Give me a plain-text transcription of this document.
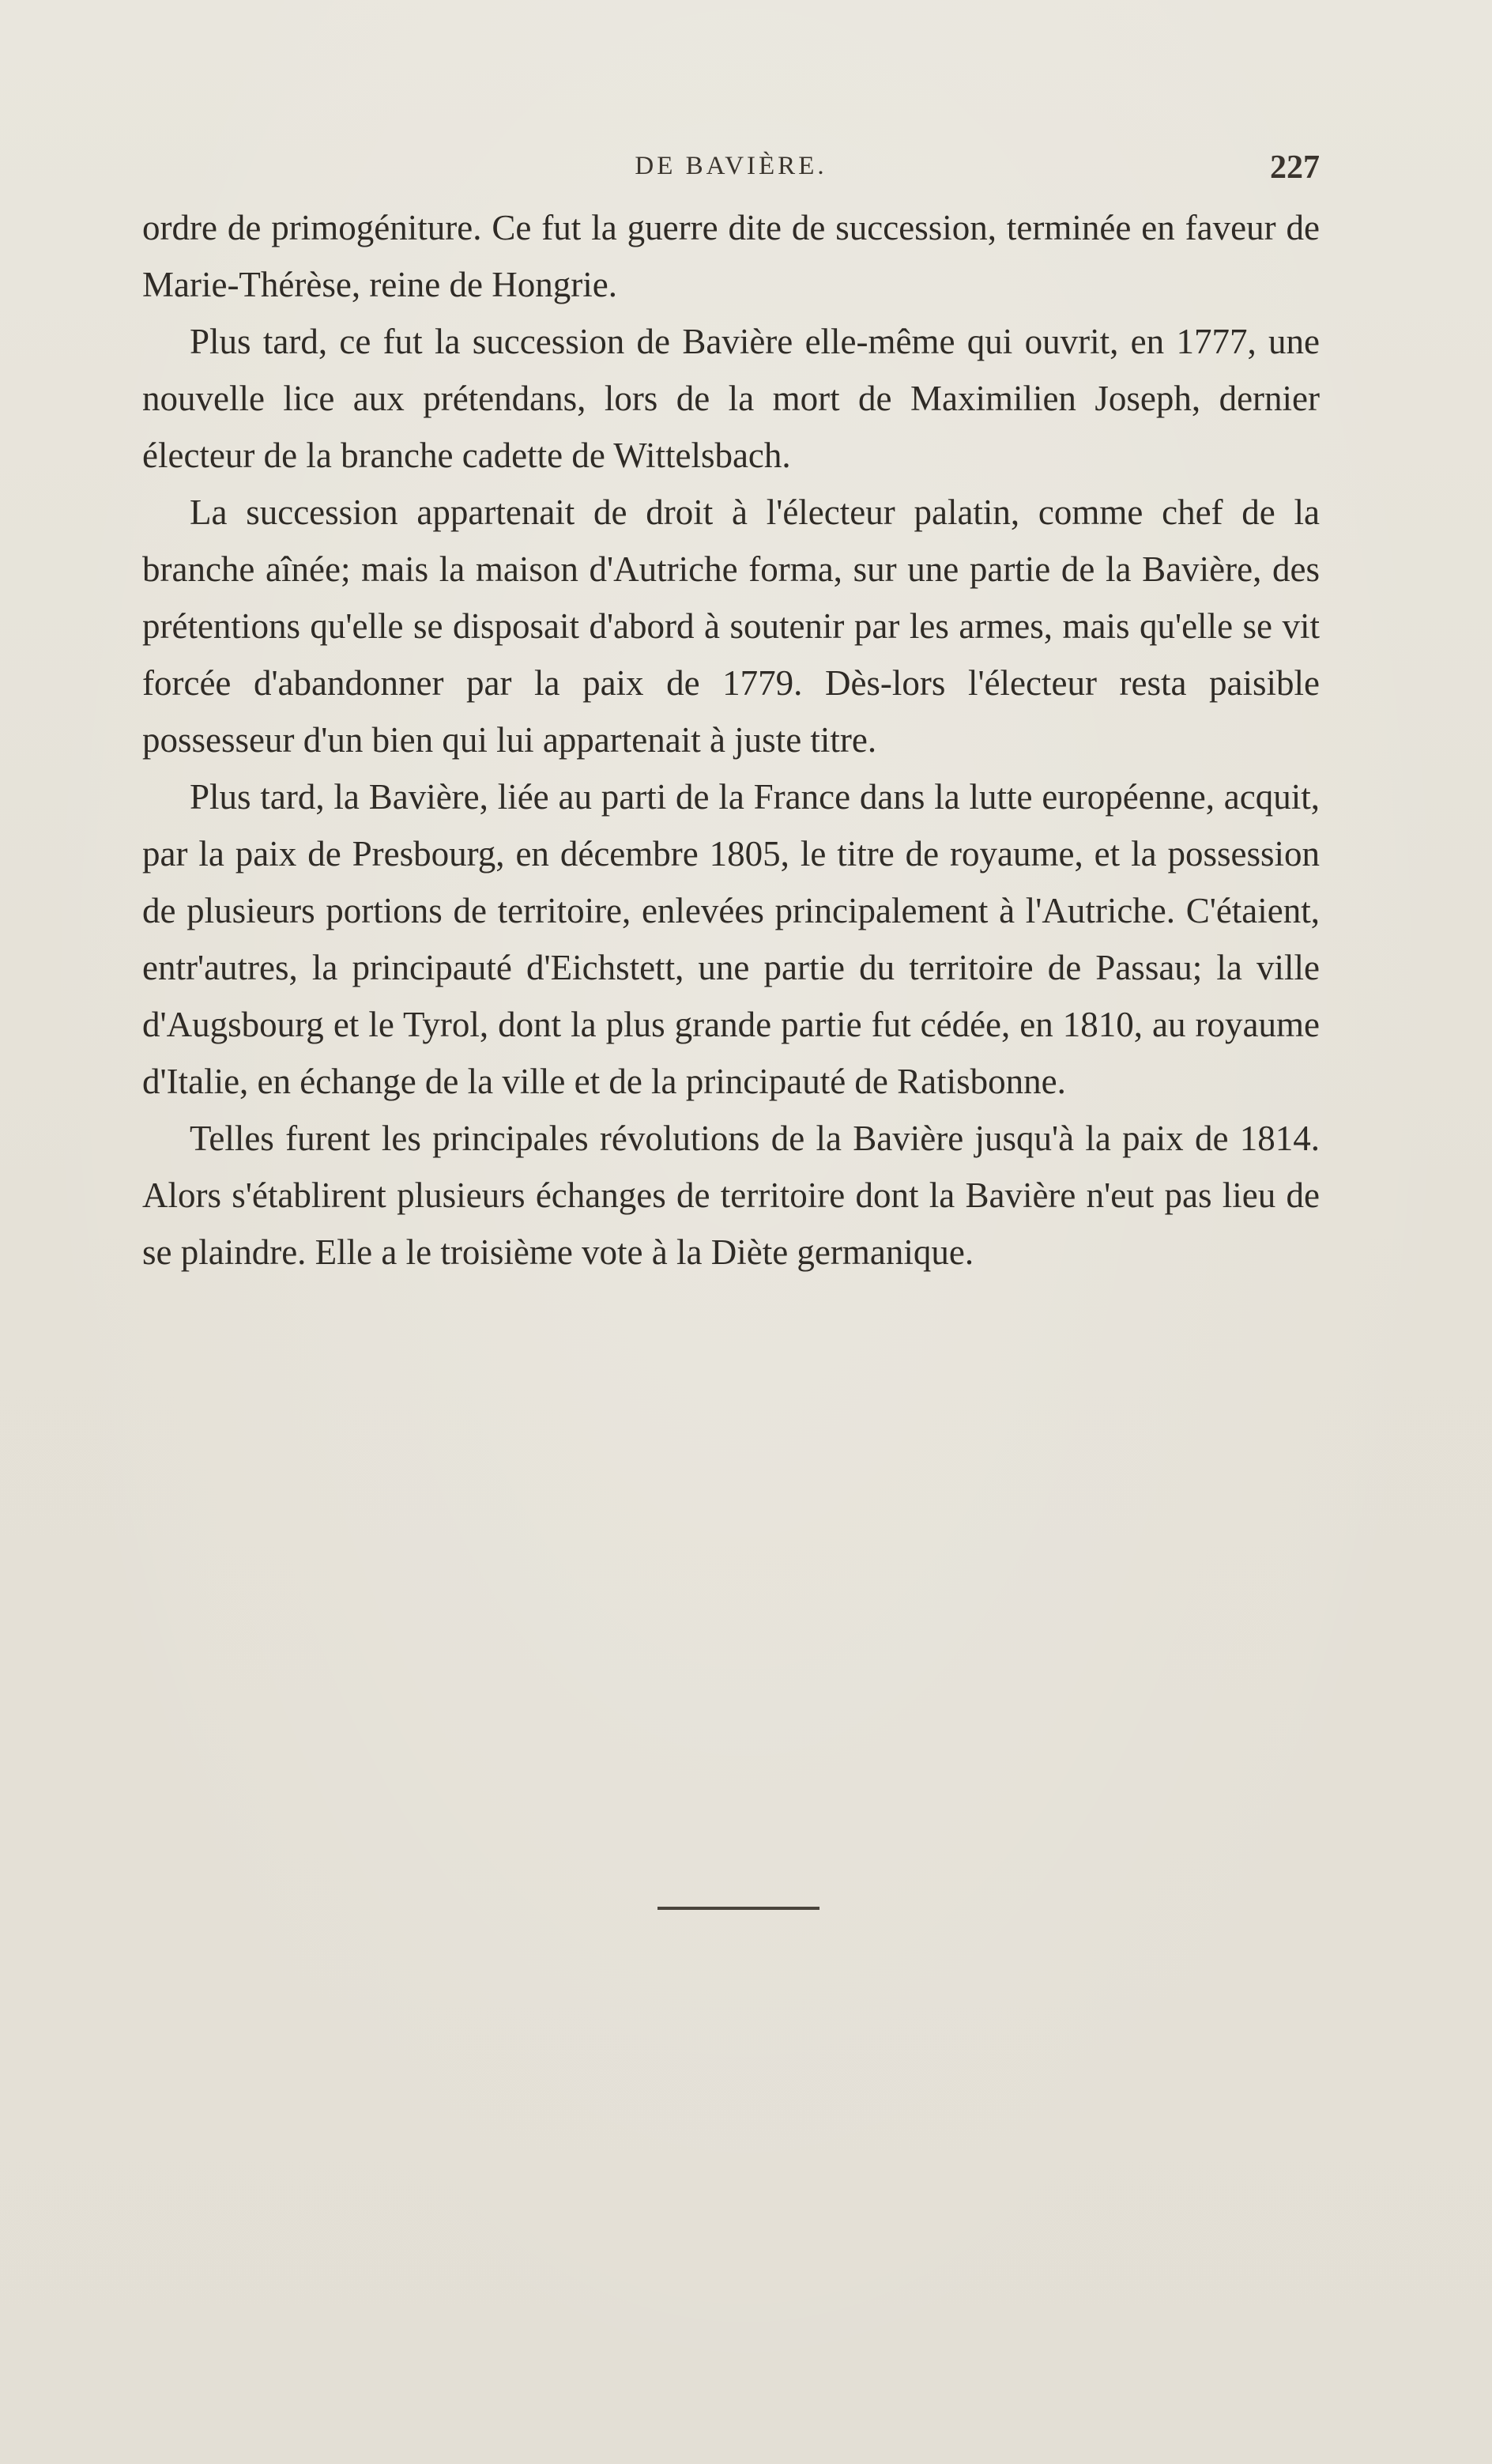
DE BAVIÈRE.	227

ordre de primogéniture. Ce fut la guerre dite de succession, terminée en faveur de Marie-Thérèse, reine de Hongrie.

Plus tard, ce fut la succession de Bavière elle-même qui ouvrit, en 1777, une nouvelle lice aux prétendans, lors de la mort de Maximilien Joseph, dernier électeur de la branche cadette de Wittelsbach.

La succession appartenait de droit à l'électeur palatin, comme chef de la branche aînée; mais la maison d'Autriche forma, sur une partie de la Bavière, des prétentions qu'elle se disposait d'abord à soutenir par les armes, mais qu'elle se vit forcée d'abandonner par la paix de 1779. Dès-lors l'électeur resta paisible possesseur d'un bien qui lui appartenait à juste titre.

Plus tard, la Bavière, liée au parti de la France dans la lutte européenne, acquit, par la paix de Presbourg, en décembre 1805, le titre de royaume, et la possession de plusieurs portions de territoire, enlevées principalement à l'Autriche. C'étaient, entr'autres, la principauté d'Eichstett, une partie du territoire de Passau; la ville d'Augsbourg et le Tyrol, dont la plus grande partie fut cédée, en 1810, au royaume d'Italie, en échange de la ville et de la principauté de Ratisbonne.

Telles furent les principales révolutions de la Bavière jusqu'à la paix de 1814. Alors s'établirent plusieurs échanges de territoire dont la Bavière n'eut pas lieu de se plaindre. Elle a le troisième vote à la Diète germanique.
